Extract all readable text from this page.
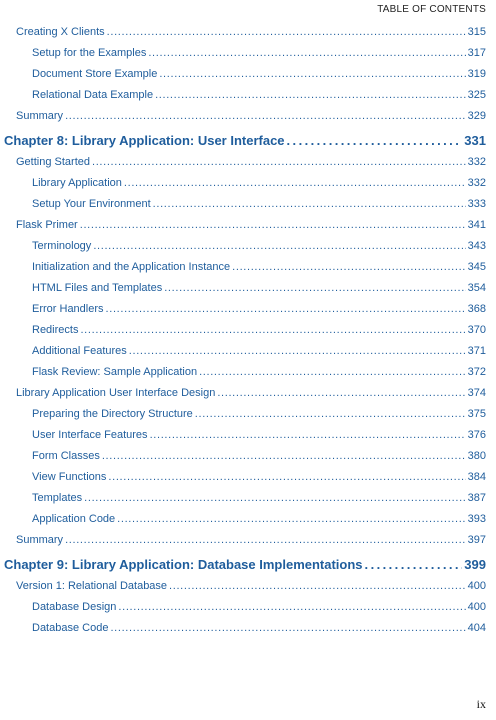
TABLE OF CONTENTS
Creating X Clients . . .	315
Setup for the Examples . . .	317
Document Store Example . . .	319
Relational Data Example . . .	325
Summary . . .	329
Chapter 8: Library Application: User Interface . . .	331
Getting Started . . .	332
Library Application . . .	332
Setup Your Environment . . .	333
Flask Primer . . .	341
Terminology . . .	343
Initialization and the Application Instance . . .	345
HTML Files and Templates . . .	354
Error Handlers . . .	368
Redirects . . .	370
Additional Features . . .	371
Flask Review: Sample Application . . .	372
Library Application User Interface Design . . .	374
Preparing the Directory Structure . . .	375
User Interface Features . . .	376
Form Classes . . .	380
View Functions . . .	384
Templates . . .	387
Application Code . . .	393
Summary . . .	397
Chapter 9: Library Application: Database Implementations . . .	399
Version 1: Relational Database . . .	400
Database Design . . .	400
Database Code . . .	404
ix
